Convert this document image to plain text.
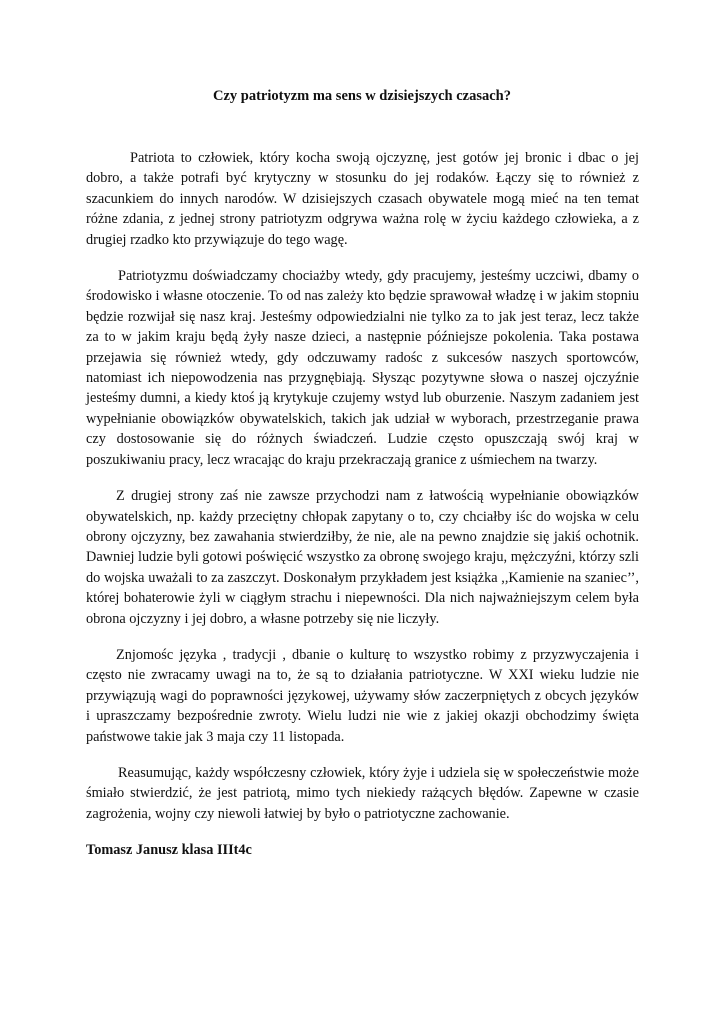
Czy patriotyzm ma sens w dzisiejszych czasach?

Patriota to człowiek, który kocha swoją ojczyznę, jest gotów jej bronic i dbac o jej dobro, a także potrafi być krytyczny w stosunku do jej rodaków. Łączy się to również z szacunkiem do innych narodów. W dzisiejszych czasach obywatele mogą mieć na ten temat różne zdania, z jednej strony patriotyzm odgrywa ważna rolę w życiu każdego człowieka, a z drugiej rzadko kto przywiązuje do tego wagę.

Patriotyzmu doświadczamy chociażby wtedy, gdy pracujemy, jesteśmy uczciwi, dbamy o środowisko i własne otoczenie. To od nas zależy kto będzie sprawował władzę i w jakim stopniu będzie rozwijał się nasz kraj. Jesteśmy odpowiedzialni nie tylko za to jak jest teraz, lecz także za to w jakim kraju będą żyły nasze dzieci, a następnie późniejsze pokolenia. Taka postawa przejawia się również wtedy, gdy odczuwamy radośc z sukcesów naszych sportowców, natomiast ich niepowodzenia nas przygnębiają. Słysząc pozytywne słowa o naszej ojczyźnie jesteśmy dumni, a kiedy ktoś ją krytykuje czujemy wstyd lub oburzenie. Naszym zadaniem jest wypełnianie obowiązków obywatelskich, takich jak udział w wyborach, przestrzeganie prawa czy dostosowanie się do różnych świadczeń. Ludzie często opuszczają swój kraj w poszukiwaniu pracy, lecz wracając do kraju przekraczają granice z uśmiechem na twarzy.

Z drugiej strony zaś nie zawsze przychodzi nam z łatwością wypełnianie obowiązków obywatelskich, np. każdy przeciętny chłopak zapytany o to, czy chciałby iśc do wojska w celu obrony ojczyzny, bez zawahania stwierdziłby, że nie, ale na pewno znajdzie się jakiś ochotnik. Dawniej ludzie byli gotowi poświęcić wszystko za obronę swojego kraju, mężczyźni, którzy szli do wojska uważali to za zaszczyt. Doskonałym przykładem jest książka ,,Kamienie na szaniec’’, której bohaterowie żyli w ciągłym strachu i niepewności. Dla nich najważniejszym celem była obrona ojczyzny i jej dobro, a własne potrzeby się nie liczyły.

Znjomośc języka , tradycji , dbanie o kulturę to wszystko robimy z przyzwyczajenia i często nie zwracamy uwagi na to, że są to działania patriotyczne. W XXI wieku ludzie nie przywiązują wagi do poprawności językowej, używamy słów zaczerpniętych z obcych języków i upraszczamy bezpośrednie zwroty. Wielu ludzi nie wie z jakiej okazji obchodzimy święta państwowe takie jak 3 maja czy 11 listopada.

Reasumując, każdy współczesny człowiek, który żyje i udziela się w społeczeństwie może śmiało stwierdzić, że jest patriotą, mimo tych niekiedy rażących błędów. Zapewne w czasie zagrożenia, wojny czy niewoli łatwiej by było o patriotyczne zachowanie.

Tomasz Janusz klasa IIIt4c
